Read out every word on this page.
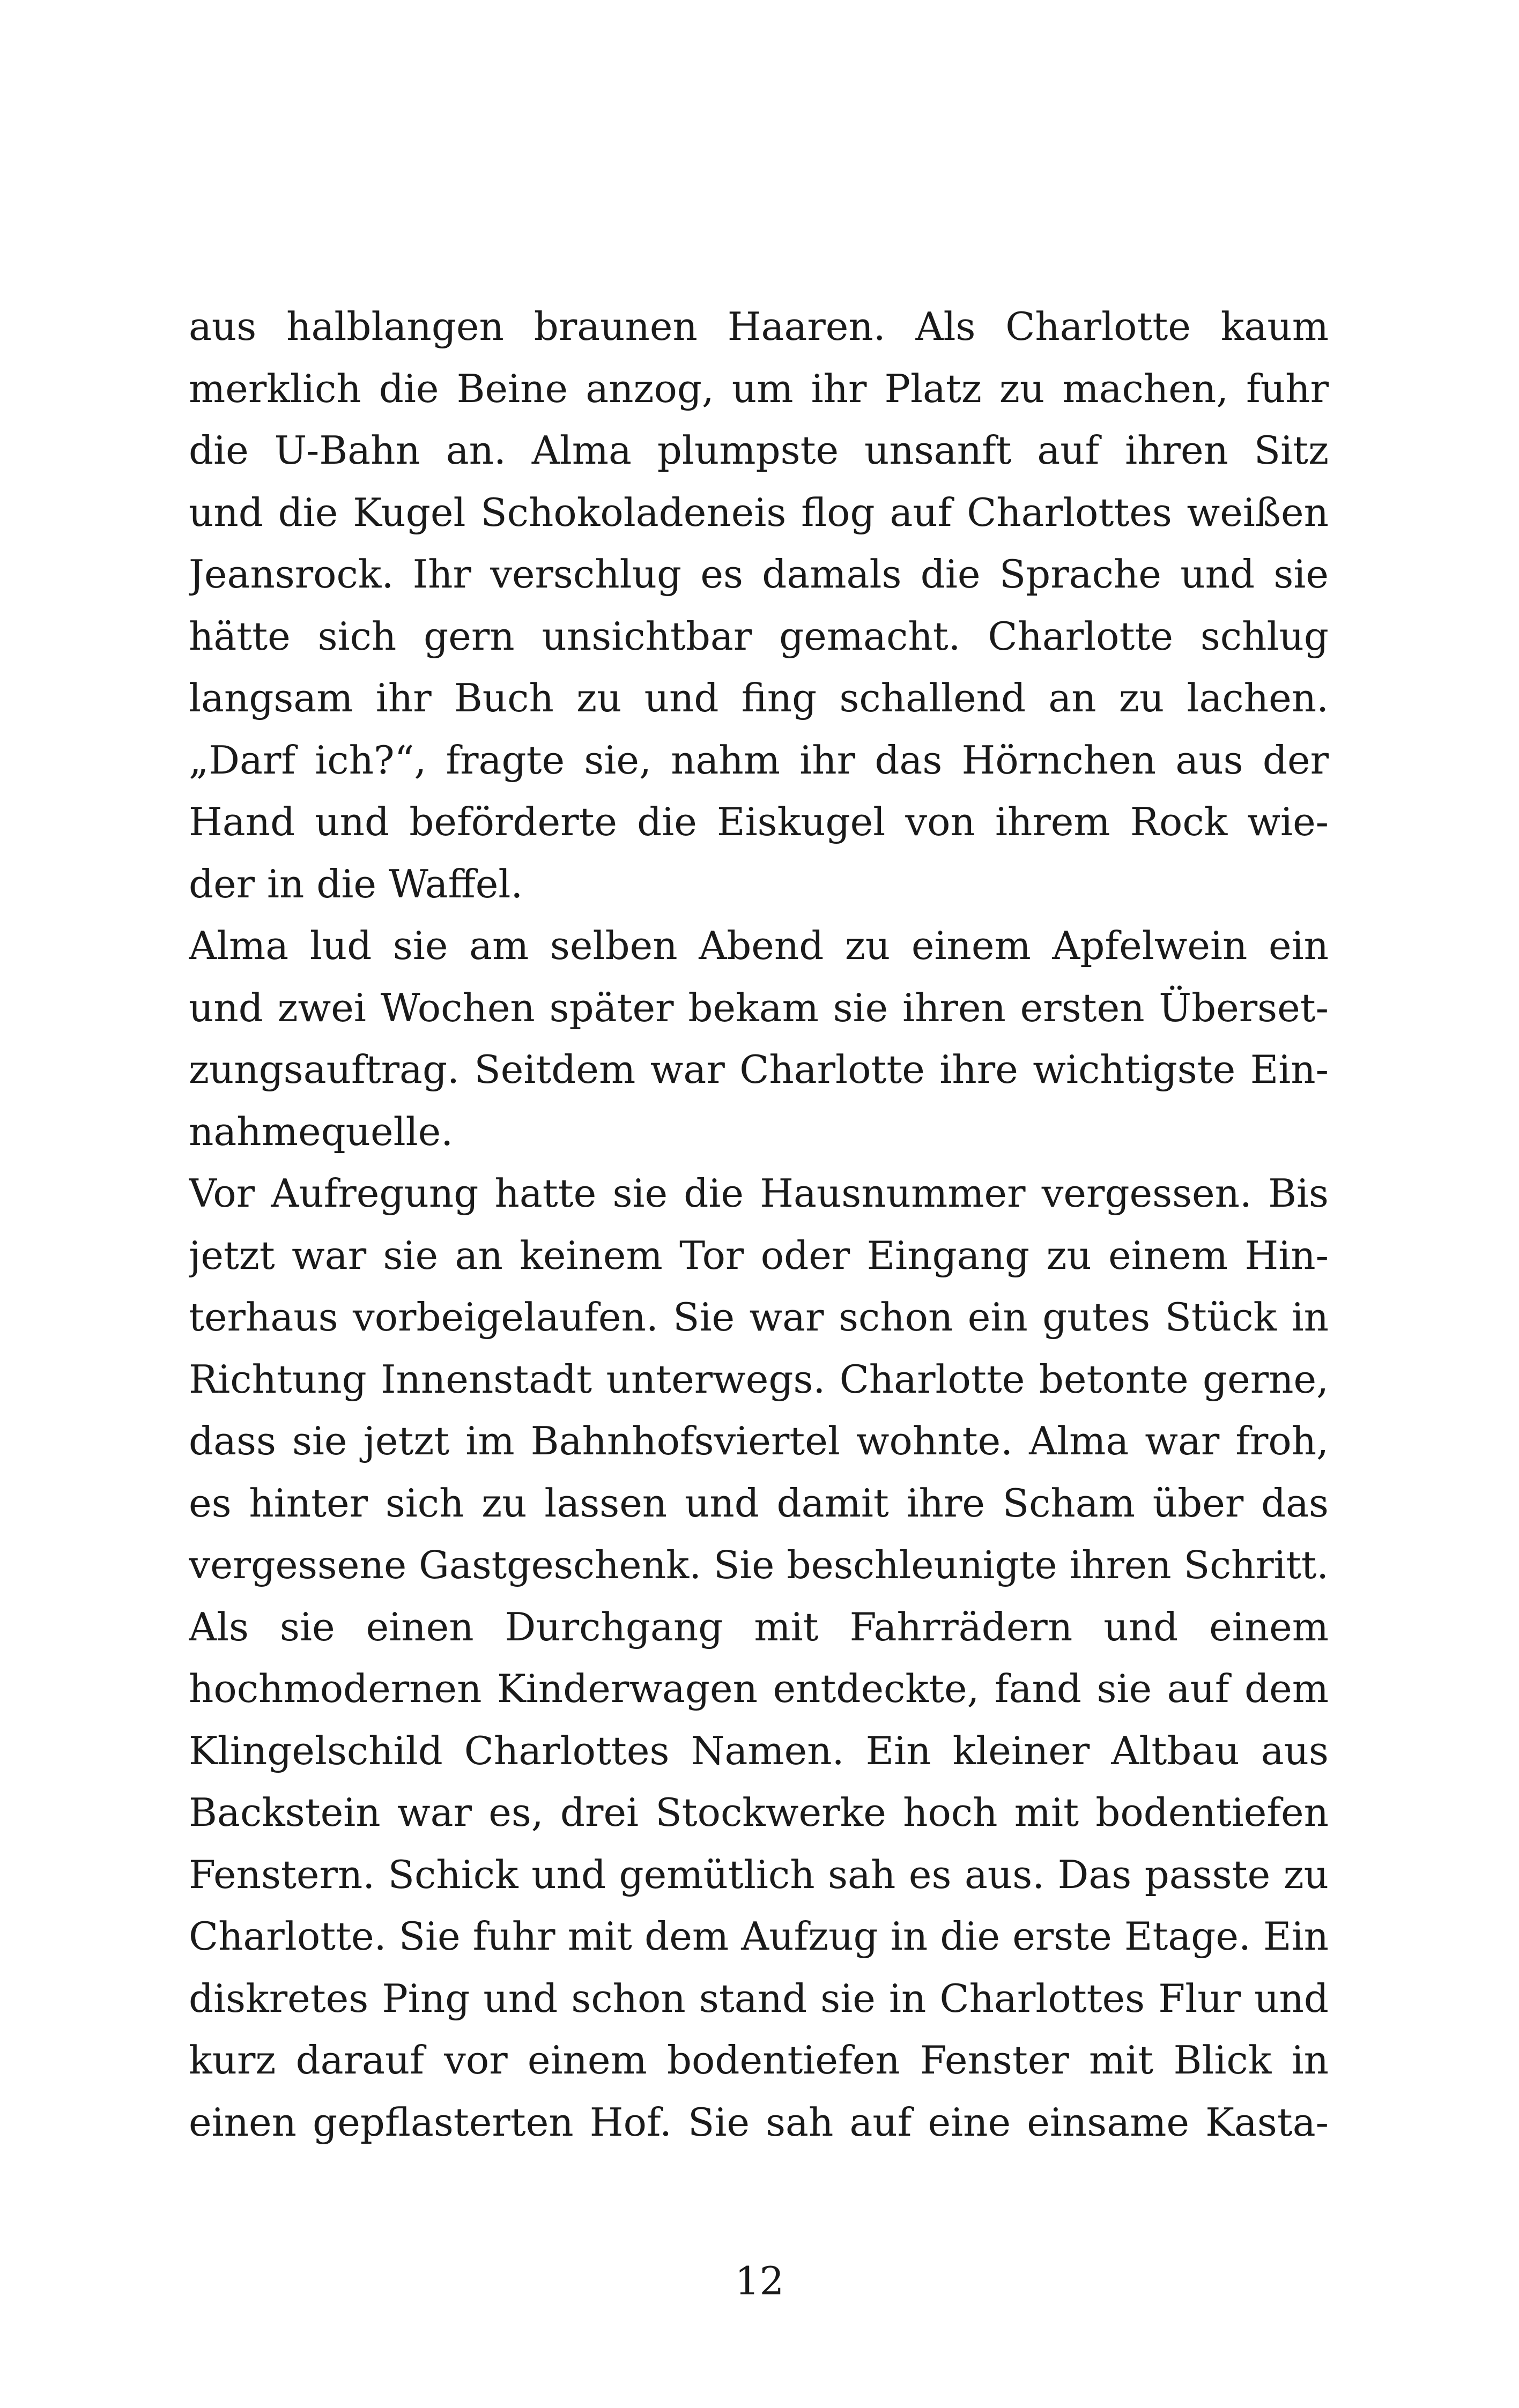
aus halblangen braunen Haaren. Als Charlotte kaum
merklich die Beine anzog, um ihr Platz zu machen, fuhr
die U-Bahn an. Alma plumpste unsanft auf ihren Sitz
und die Kugel Schokoladeneis flog auf Charlottes weißen
Jeansrock. Ihr verschlug es damals die Sprache und sie
hätte sich gern unsichtbar gemacht. Charlotte schlug
langsam ihr Buch zu und fing schallend an zu lachen.
„Darf ich?“, fragte sie, nahm ihr das Hörnchen aus der
Hand und beförderte die Eiskugel von ihrem Rock wie-
der in die Waffel.
Alma lud sie am selben Abend zu einem Apfelwein ein
und zwei Wochen später bekam sie ihren ersten Überset-
zungsauftrag. Seitdem war Charlotte ihre wichtigste Ein-
nahmequelle.
Vor Aufregung hatte sie die Hausnummer vergessen. Bis
jetzt war sie an keinem Tor oder Eingang zu einem Hin-
terhaus vorbeigelaufen. Sie war schon ein gutes Stück in
Richtung Innenstadt unterwegs. Charlotte betonte gerne,
dass sie jetzt im Bahnhofsviertel wohnte. Alma war froh,
es hinter sich zu lassen und damit ihre Scham über das
vergessene Gastgeschenk. Sie beschleunigte ihren Schritt.
Als sie einen Durchgang mit Fahrrädern und einem
hochmodernen Kinderwagen entdeckte, fand sie auf dem
Klingelschild Charlottes Namen. Ein kleiner Altbau aus
Backstein war es, drei Stockwerke hoch mit bodentiefen
Fenstern. Schick und gemütlich sah es aus. Das passte zu
Charlotte. Sie fuhr mit dem Aufzug in die erste Etage. Ein
diskretes Ping und schon stand sie in Charlottes Flur und
kurz darauf vor einem bodentiefen Fenster mit Blick in
einen gepflasterten Hof. Sie sah auf eine einsame Kasta-
12
